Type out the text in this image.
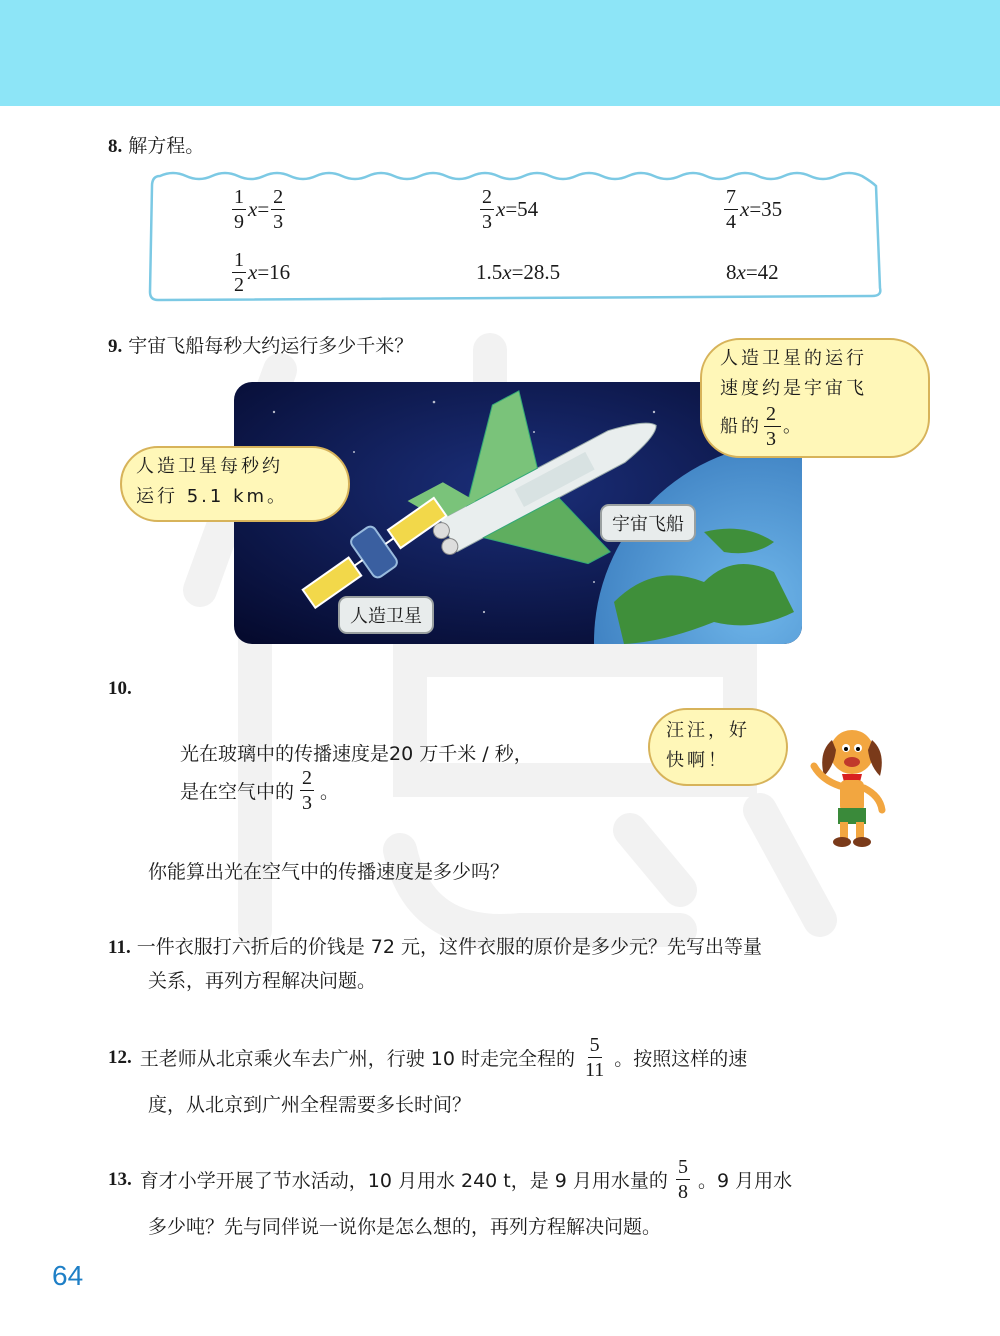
8. 解方程。
$\frac{1}{9}$ $x = \frac{2}{3}$	$\frac{2}{3}$ x =54	$\frac{7}{4}$ x =35
$\frac{1}{2}$ x =16	1.5 x =28.5	8 x =42
9. 宇宙飞船每秒大约运行多少千米？
宇宙飞船
人造卫星
人造卫星每秒约
运行 5.1 km。
人造卫星的运行
速度约是宇宙飞
船的 $\frac{2}{3}$ 。
10.
光在玻璃中的传播速度是20 万千米 / 秒，
是在空气中的 $\frac{2}{3}$ 。
你能算出光在空气中的传播速度是多少吗？
汪汪，好
快啊！
11. 一件衣服打六折后的价钱是 72 元，这件衣服的原价是多少元？先写出等量
关系，再列方程解决问题。
12. 王老师从北京乘火车去广州，行驶 10 时走完全程的 $\frac{5}{11}$ 。按照这样的速
度，从北京到广州全程需要多长时间？
13. 育才小学开展了节水活动，10 月用水 240 t，是 9 月用水量的 $\frac{5}{8}$ 。9 月用水
多少吨？先与同伴说一说你是怎么想的，再列方程解决问题。
64
